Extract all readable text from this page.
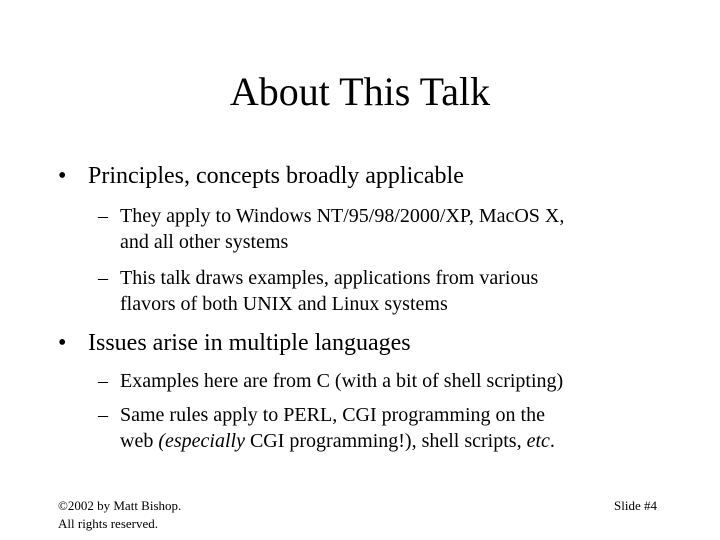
About This Talk
• Principles, concepts broadly applicable
– They apply to Windows NT/95/98/2000/XP, MacOS X,
and all other systems
– This talk draws examples, applications from various
flavors of both UNIX and Linux systems
• Issues arise in multiple languages
– Examples here are from C (with a bit of shell scripting)
– Same rules apply to PERL, CGI programming on the
web (especially CGI programming!), shell scripts, etc.
©2002 by Matt Bishop.
All rights reserved.
Slide #4
